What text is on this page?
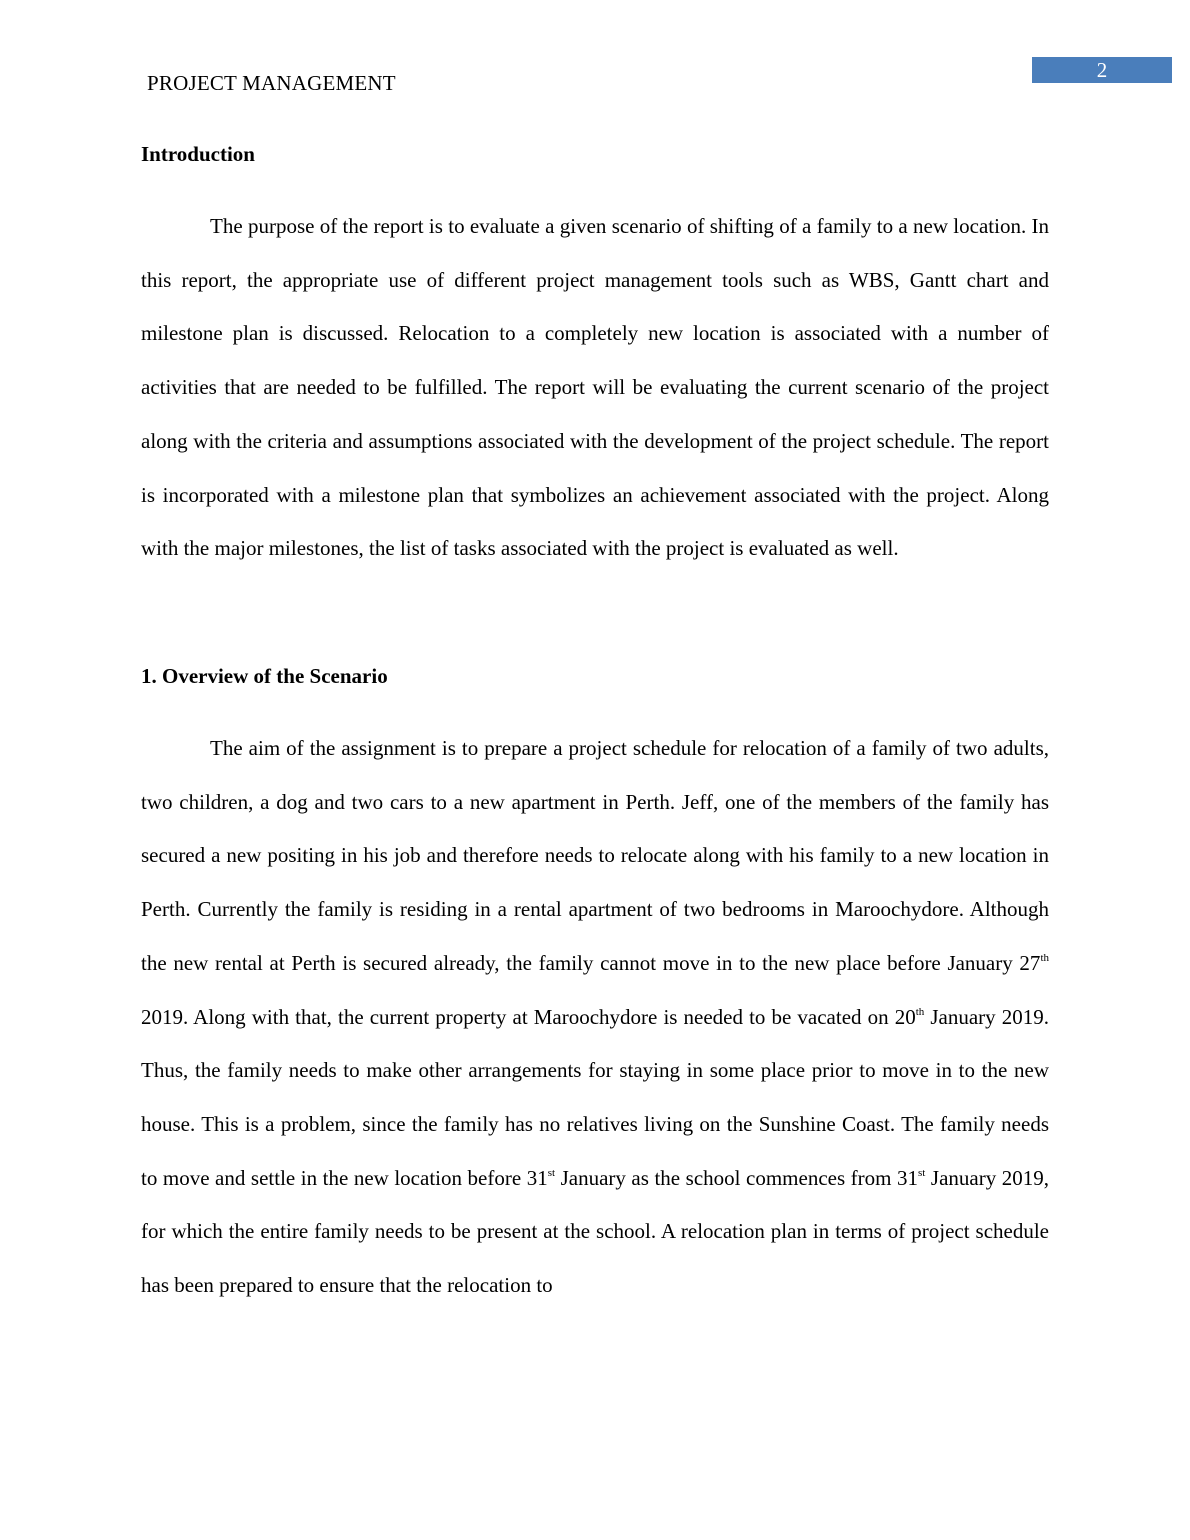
2
PROJECT MANAGEMENT
Introduction
The purpose of the report is to evaluate a given scenario of shifting of a family to a new location. In this report, the appropriate use of different project management tools such as WBS, Gantt chart and milestone plan is discussed. Relocation to a completely new location is associated with a number of activities that are needed to be fulfilled. The report will be evaluating the current scenario of the project along with the criteria and assumptions associated with the development of the project schedule. The report is incorporated with a milestone plan that symbolizes an achievement associated with the project. Along with the major milestones, the list of tasks associated with the project is evaluated as well.
1. Overview of the Scenario
The aim of the assignment is to prepare a project schedule for relocation of a family of two adults, two children, a dog and two cars to a new apartment in Perth. Jeff, one of the members of the family has secured a new positing in his job and therefore needs to relocate along with his family to a new location in Perth. Currently the family is residing in a rental apartment of two bedrooms in Maroochydore. Although the new rental at Perth is secured already, the family cannot move in to the new place before January 27th 2019. Along with that, the current property at Maroochydore is needed to be vacated on 20th January 2019. Thus, the family needs to make other arrangements for staying in some place prior to move in to the new house. This is a problem, since the family has no relatives living on the Sunshine Coast. The family needs to move and settle in the new location before 31st January as the school commences from 31st January 2019, for which the entire family needs to be present at the school. A relocation plan in terms of project schedule has been prepared to ensure that the relocation to
